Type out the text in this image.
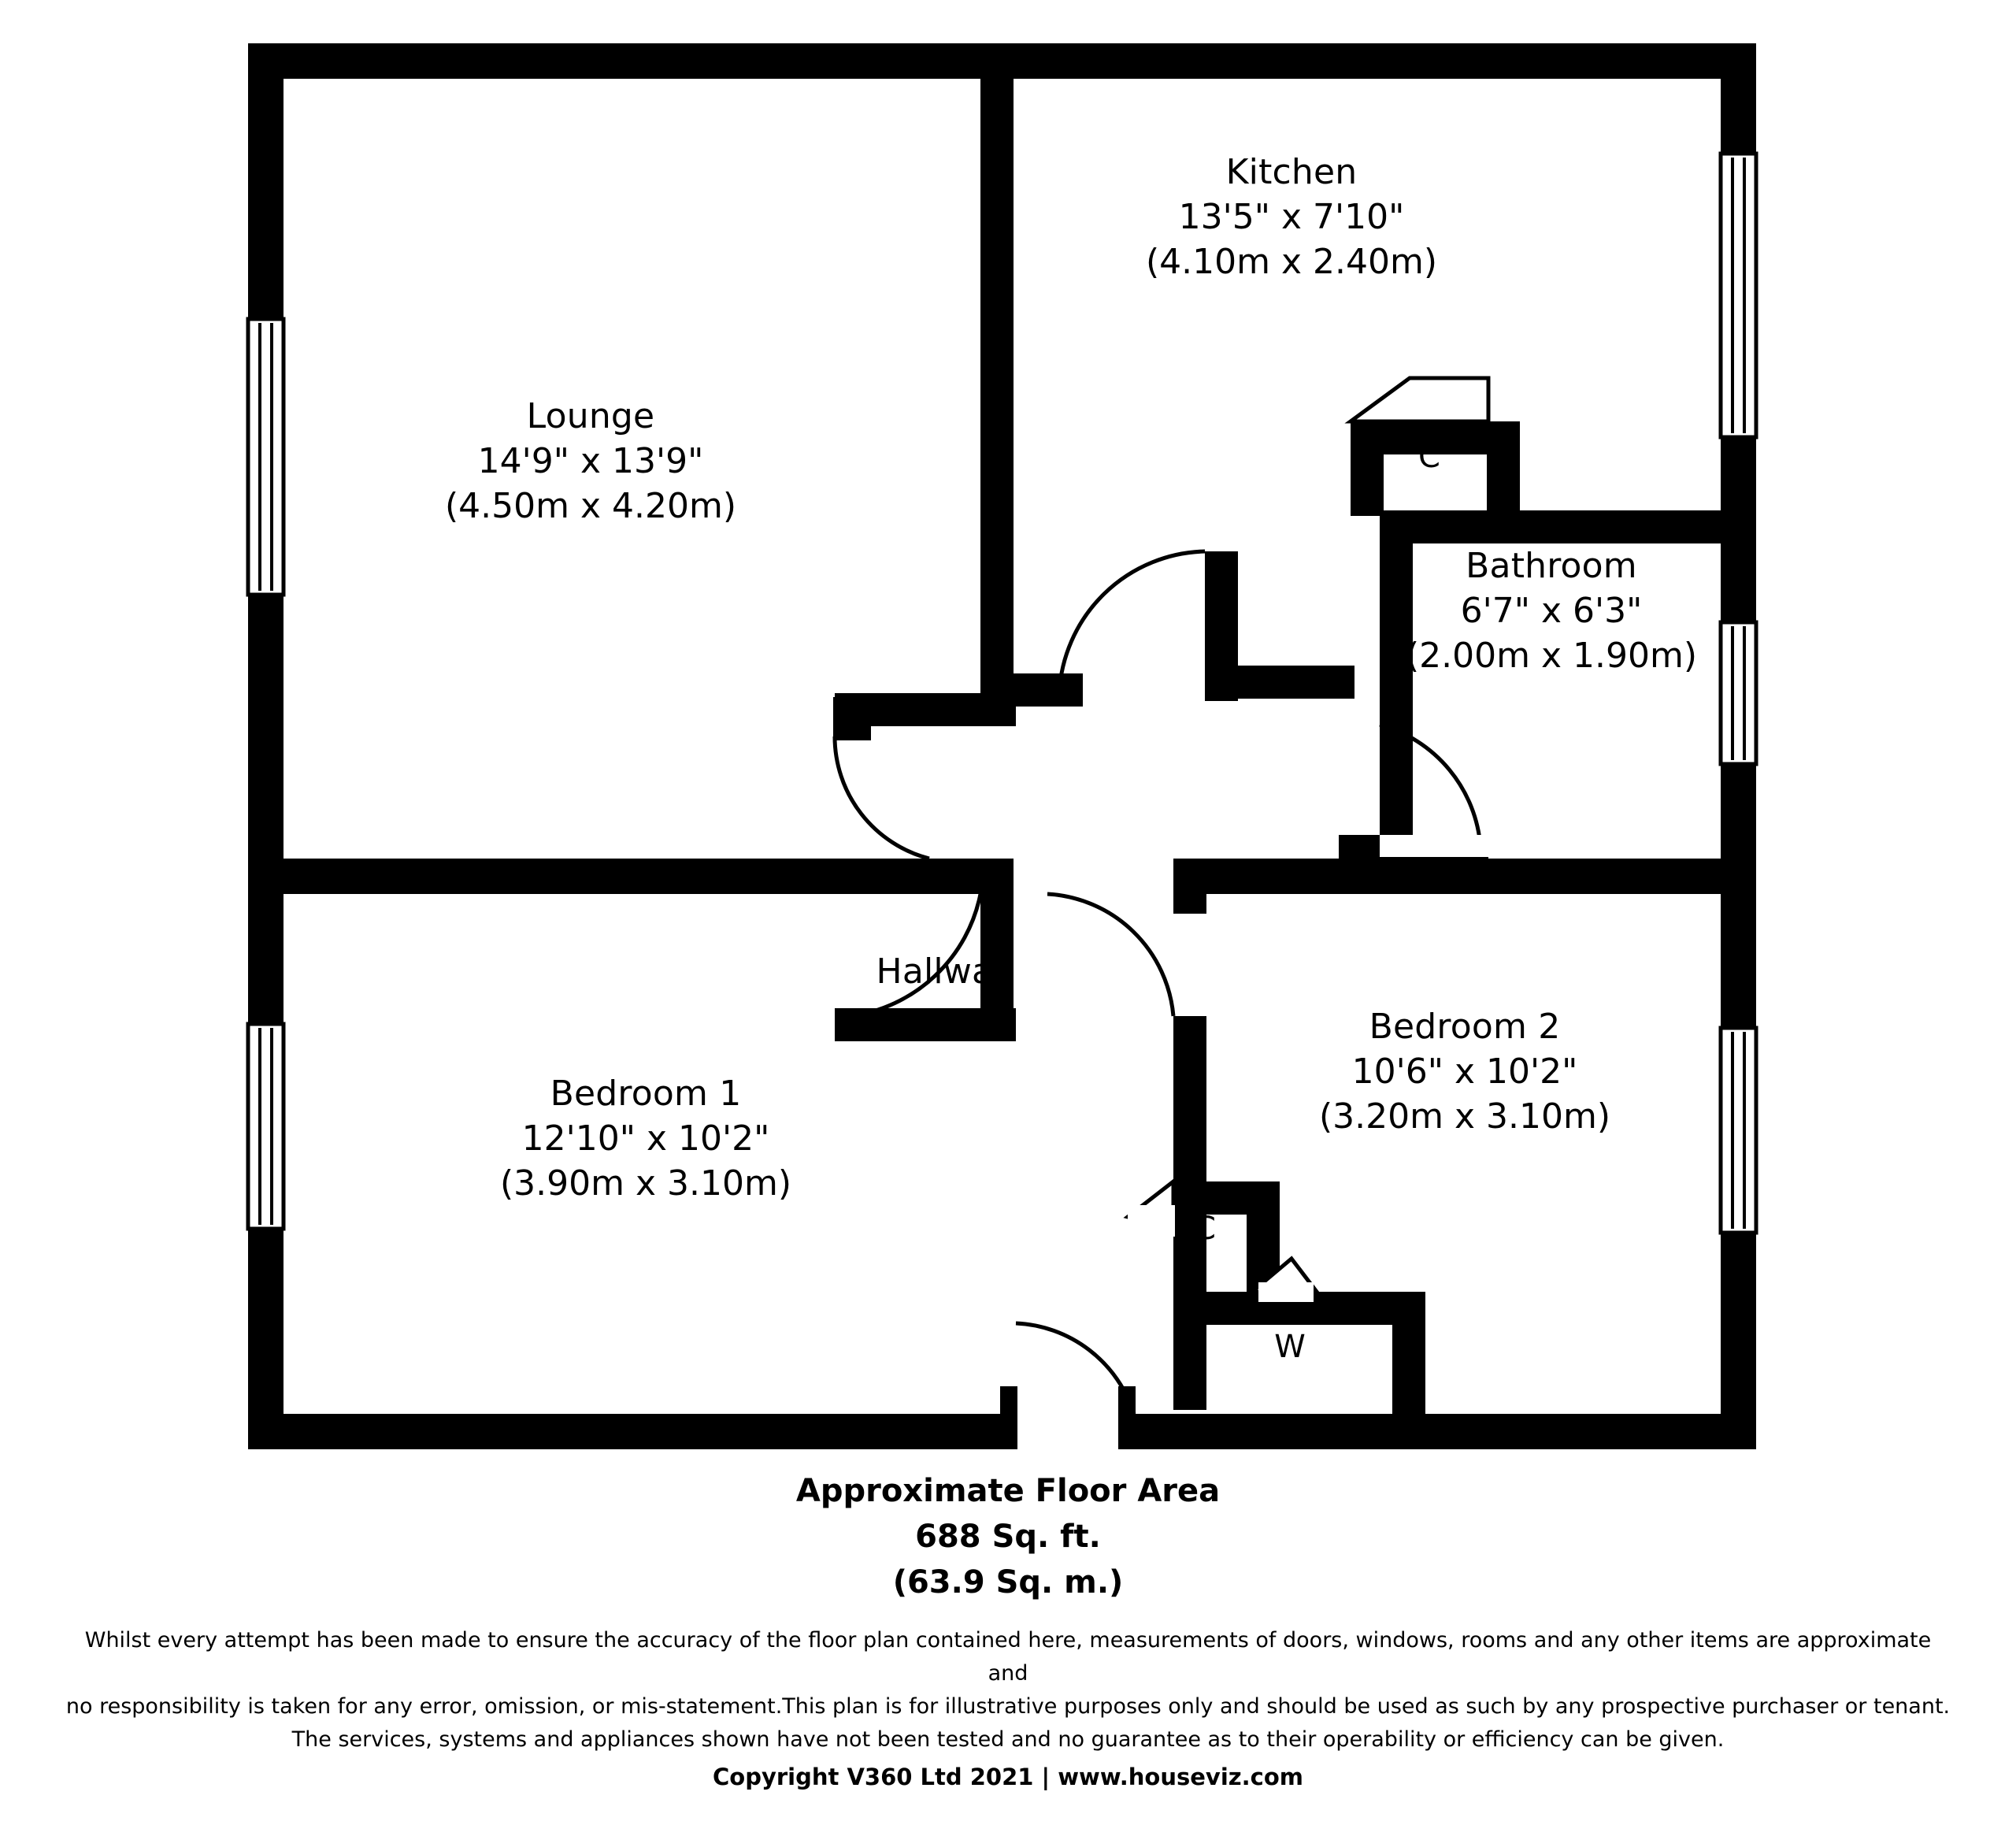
Lounge
14'9" x 13'9"
(4.50m x 4.20m)
Kitchen
13'5" x 7'10"
(4.10m x 2.40m)
Bathroom
6'7" x 6'3"
(2.00m x 1.90m)
Bedroom 1
12'10" x 10'2"
(3.90m x 3.10m)
Bedroom 2
10'6" x 10'2"
(3.20m x 3.10m)
Hallway
C
C
W
Approximate Floor Area
688 Sq. ft.
(63.9 Sq. m.)
Whilst every attempt has been made to ensure the accuracy of the floor plan contained here, measurements of doors, windows, rooms and any other items are approximate and
no responsibility is taken for any error, omission, or mis-statement.This plan is for illustrative purposes only and should be used as such by any prospective purchaser or tenant.
The services, systems and appliances shown have not been tested and no guarantee as to their operability or efficiency can be given.
Copyright V360 Ltd 2021 | www.houseviz.com
